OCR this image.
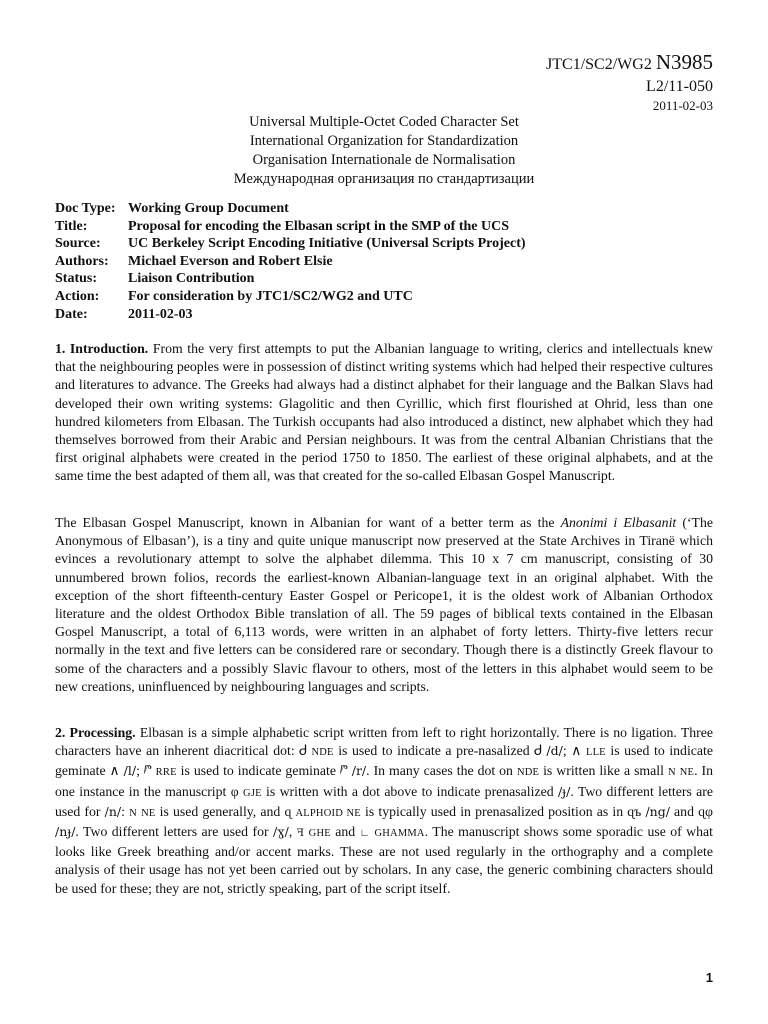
JTC1/SC2/WG2 N3985
L2/11-050
2011-02-03
Universal Multiple-Octet Coded Character Set
International Organization for Standardization
Organisation Internationale de Normalisation
Международная организация по стандартизации
Doc Type: Working Group Document
Title:	Proposal for encoding the Elbasan script in the SMP of the UCS
Source: UC Berkeley Script Encoding Initiative (Universal Scripts Project)
Authors: Michael Everson and Robert Elsie
Status: Liaison Contribution
Action: For consideration by JTC1/SC2/WG2 and UTC
Date:	2011-02-03
1. Introduction. From the very first attempts to put the Albanian language to writing, clerics and intellectuals knew that the neighbouring peoples were in possession of distinct writing systems which had helped their respective cultures and literatures to advance. The Greeks had always had a distinct alphabet for their language and the Balkan Slavs had developed their own writing systems: Glagolitic and then Cyrillic, which first flourished at Ohrid, less than one hundred kilometers from Elbasan. The Turkish occupants had also introduced a distinct, new alphabet which they had themselves borrowed from their Arabic and Persian neighbours. It was from the central Albanian Christians that the first original alphabets were created in the period 1750 to 1850. The earliest of these original alphabets, and at the same time the best adapted of them all, was that created for the so-called Elbasan Gospel Manuscript.
The Elbasan Gospel Manuscript, known in Albanian for want of a better term as the Anonimi i Elbasanit (‘The Anonymous of Elbasan’), is a tiny and quite unique manuscript now preserved at the State Archives in Tiranë which evinces a revolutionary attempt to solve the alphabet dilemma. This 10 x 7 cm manuscript, consisting of 30 unnumbered brown folios, records the earliest-known Albanian-language text in an original alphabet. With the exception of the short fifteenth-century Easter Gospel or Pericope1, it is the oldest work of Albanian Orthodox literature and the oldest Orthodox Bible translation of all. The 59 pages of biblical texts contained in the Elbasan Gospel Manuscript, a total of 6,113 words, were written in an alphabet of forty letters. Thirty-five letters recur normally in the text and five letters can be considered rare or secondary. Though there is a distinctly Greek flavour to some of the characters and a possibly Slavic flavour to others, most of the letters in this alphabet would seem to be new creations, uninfluenced by neighbouring languages and scripts.
2. Processing. Elbasan is a simple alphabetic script written from left to right horizontally. There is no ligation. Three characters have an inherent diacritical dot: Ꮷ NDE is used to indicate a pre-nasalized Ꮷ /d/; ∧ LLE is used to indicate geminate ∧ /l/; ⱓ RRE is used to indicate geminate ⱓ /r/. In many cases the dot on NDE is written like a small N NE. In one instance in the manuscript φ GJE is written with a dot above to indicate prenasalized /ɟ/. Two different letters are used for /n/: N NE is used generally, and ɋ ALPHOID NE is typically used in prenasalized position as in ɋъ /ng/ and ɋφ /nɟ/. Two different letters are used for /ɣ/, ꟻ GHE and ∟ GHAMMA. The manuscript shows some sporadic use of what looks like Greek breathing and/or accent marks. These are not used regularly in the orthography and a complete analysis of their usage has not yet been carried out by scholars. In any case, the generic combining characters should be used for these; they are not, strictly speaking, part of the script itself.
1
